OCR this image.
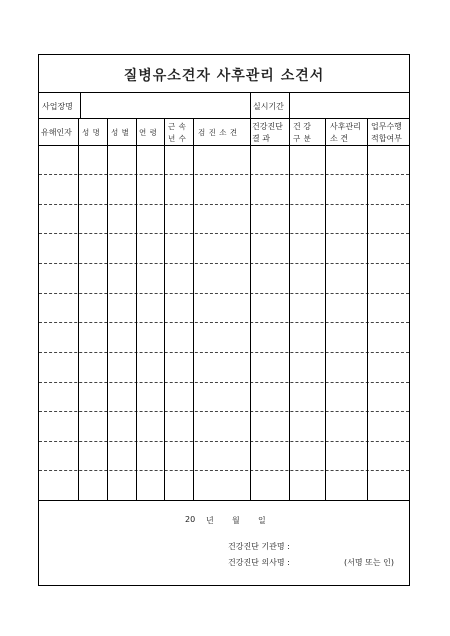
질병유소견자 사후관리 소견서
사업장명	실시기간
유해인자 성 명 성 별 연 령
근 속
년 수
검 진 소 견
건강진단
결 과
건 강
구 분
사후관리
소 견
업무수행
적합여부
20 년 월 일
건강진단 기관명 :
건강진단 의사명 :	(서명 또는 인)
